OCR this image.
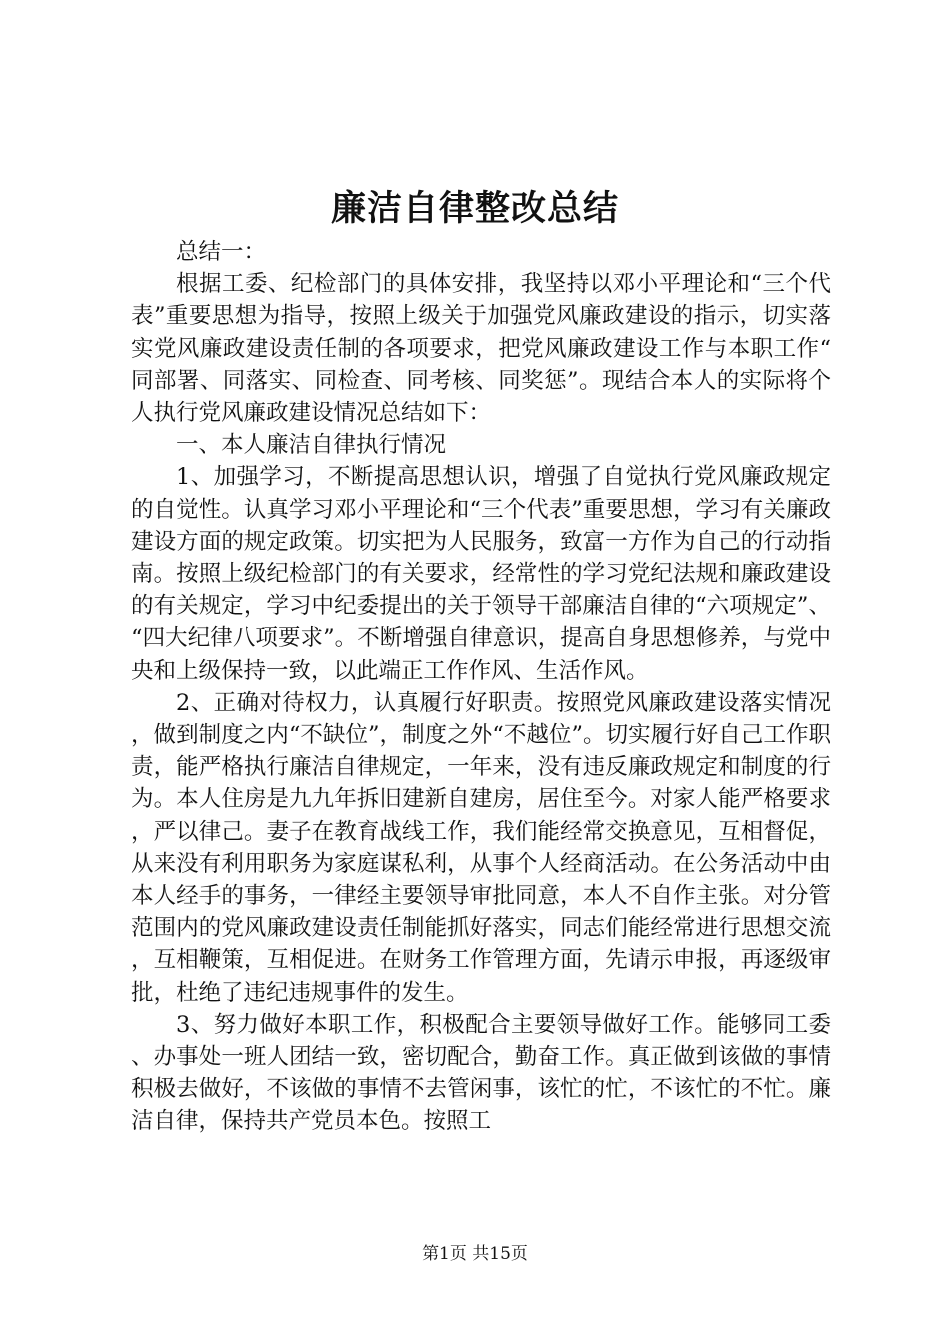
廉洁自律整改总结

总结一：

根据工委、纪检部门的具体安排，我坚持以邓小平理论和“三个代表”重要思想为指导，按照上级关于加强党风廉政建设的指示，切实落实党风廉政建设责任制的各项要求，把党风廉政建设工作与本职工作“同部署、同落实、同检查、同考核、同奖惩”。现结合本人的实际将个人执行党风廉政建设情况总结如下：

一、本人廉洁自律执行情况

1、加强学习，不断提高思想认识，增强了自觉执行党风廉政规定的自觉性。认真学习邓小平理论和“三个代表”重要思想，学习有关廉政建设方面的规定政策。切实把为人民服务，致富一方作为自己的行动指南。按照上级纪检部门的有关要求，经常性的学习党纪法规和廉政建设的有关规定，学习中纪委提出的关于领导干部廉洁自律的“六项规定”、“四大纪律八项要求”。不断增强自律意识，提高自身思想修养，与党中央和上级保持一致，以此端正工作作风、生活作风。

2、正确对待权力，认真履行好职责。按照党风廉政建设落实情况，做到制度之内“不缺位”，制度之外“不越位”。切实履行好自己工作职责，能严格执行廉洁自律规定，一年来，没有违反廉政规定和制度的行为。本人住房是九九年拆旧建新自建房，居住至今。对家人能严格要求，严以律己。妻子在教育战线工作，我们能经常交换意见，互相督促，从来没有利用职务为家庭谋私利，从事个人经商活动。在公务活动中由本人经手的事务，一律经主要领导审批同意，本人不自作主张。对分管范围内的党风廉政建设责任制能抓好落实，同志们能经常进行思想交流，互相鞭策，互相促进。在财务工作管理方面，先请示申报，再逐级审批，杜绝了违纪违规事件的发生。

3、努力做好本职工作，积极配合主要领导做好工作。能够同工委、办事处一班人团结一致，密切配合，勤奋工作。真正做到该做的事情积极去做好，不该做的事情不去管闲事，该忙的忙，不该忙的不忙。廉洁自律，保持共产党员本色。按照工

第1页 共15页
